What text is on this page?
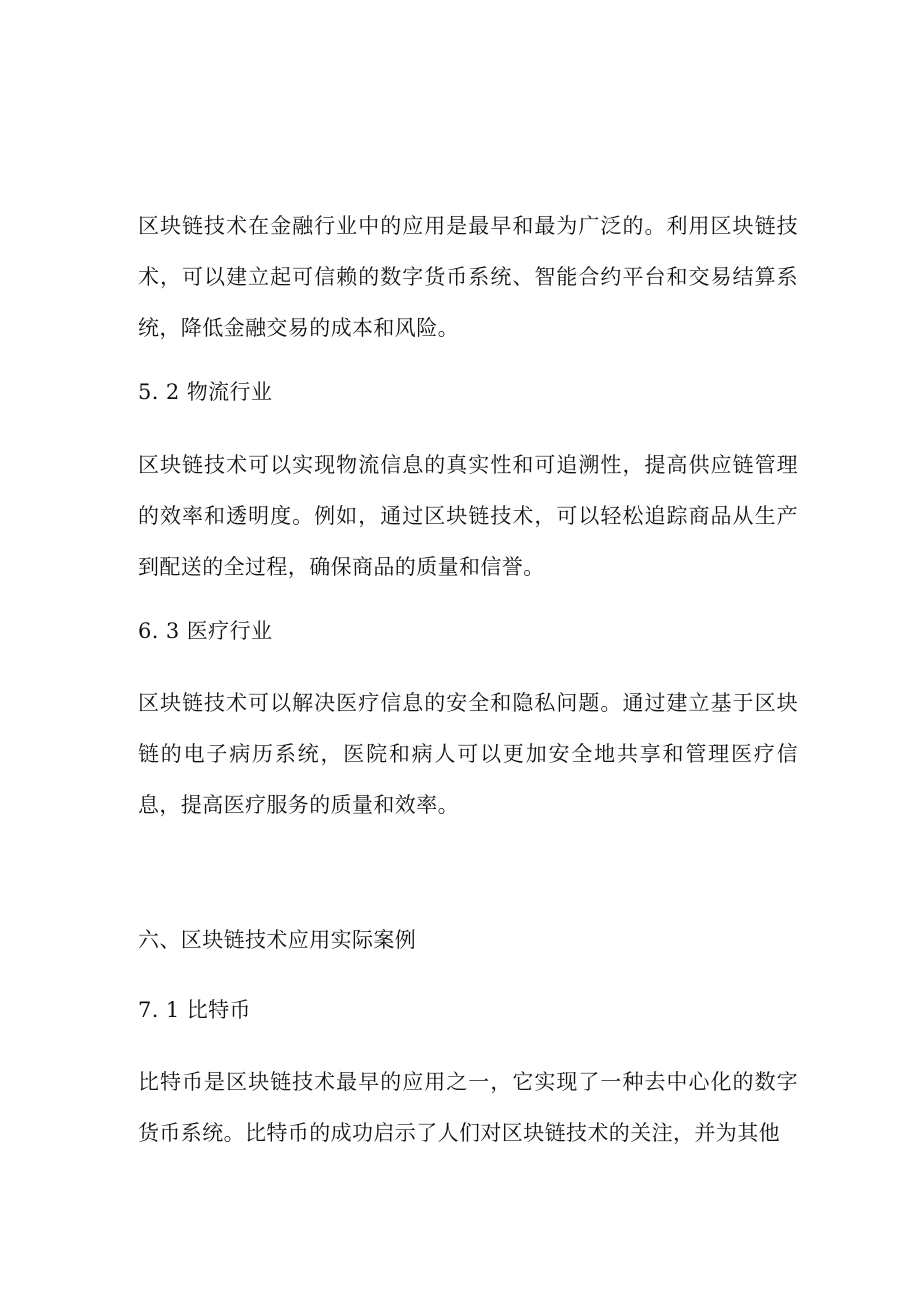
区块链技术在金融行业中的应用是最早和最为广泛的。利用区块链技术，可以建立起可信赖的数字货币系统、智能合约平台和交易结算系统，降低金融交易的成本和风险。
5. 2 物流行业
区块链技术可以实现物流信息的真实性和可追溯性，提高供应链管理的效率和透明度。例如，通过区块链技术，可以轻松追踪商品从生产到配送的全过程，确保商品的质量和信誉。
6. 3 医疗行业
区块链技术可以解决医疗信息的安全和隐私问题。通过建立基于区块链的电子病历系统，医院和病人可以更加安全地共享和管理医疗信息，提高医疗服务的质量和效率。
六、区块链技术应用实际案例
7. 1 比特币
比特币是区块链技术最早的应用之一，它实现了一种去中心化的数字货币系统。比特币的成功启示了人们对区块链技术的关注，并为其他
